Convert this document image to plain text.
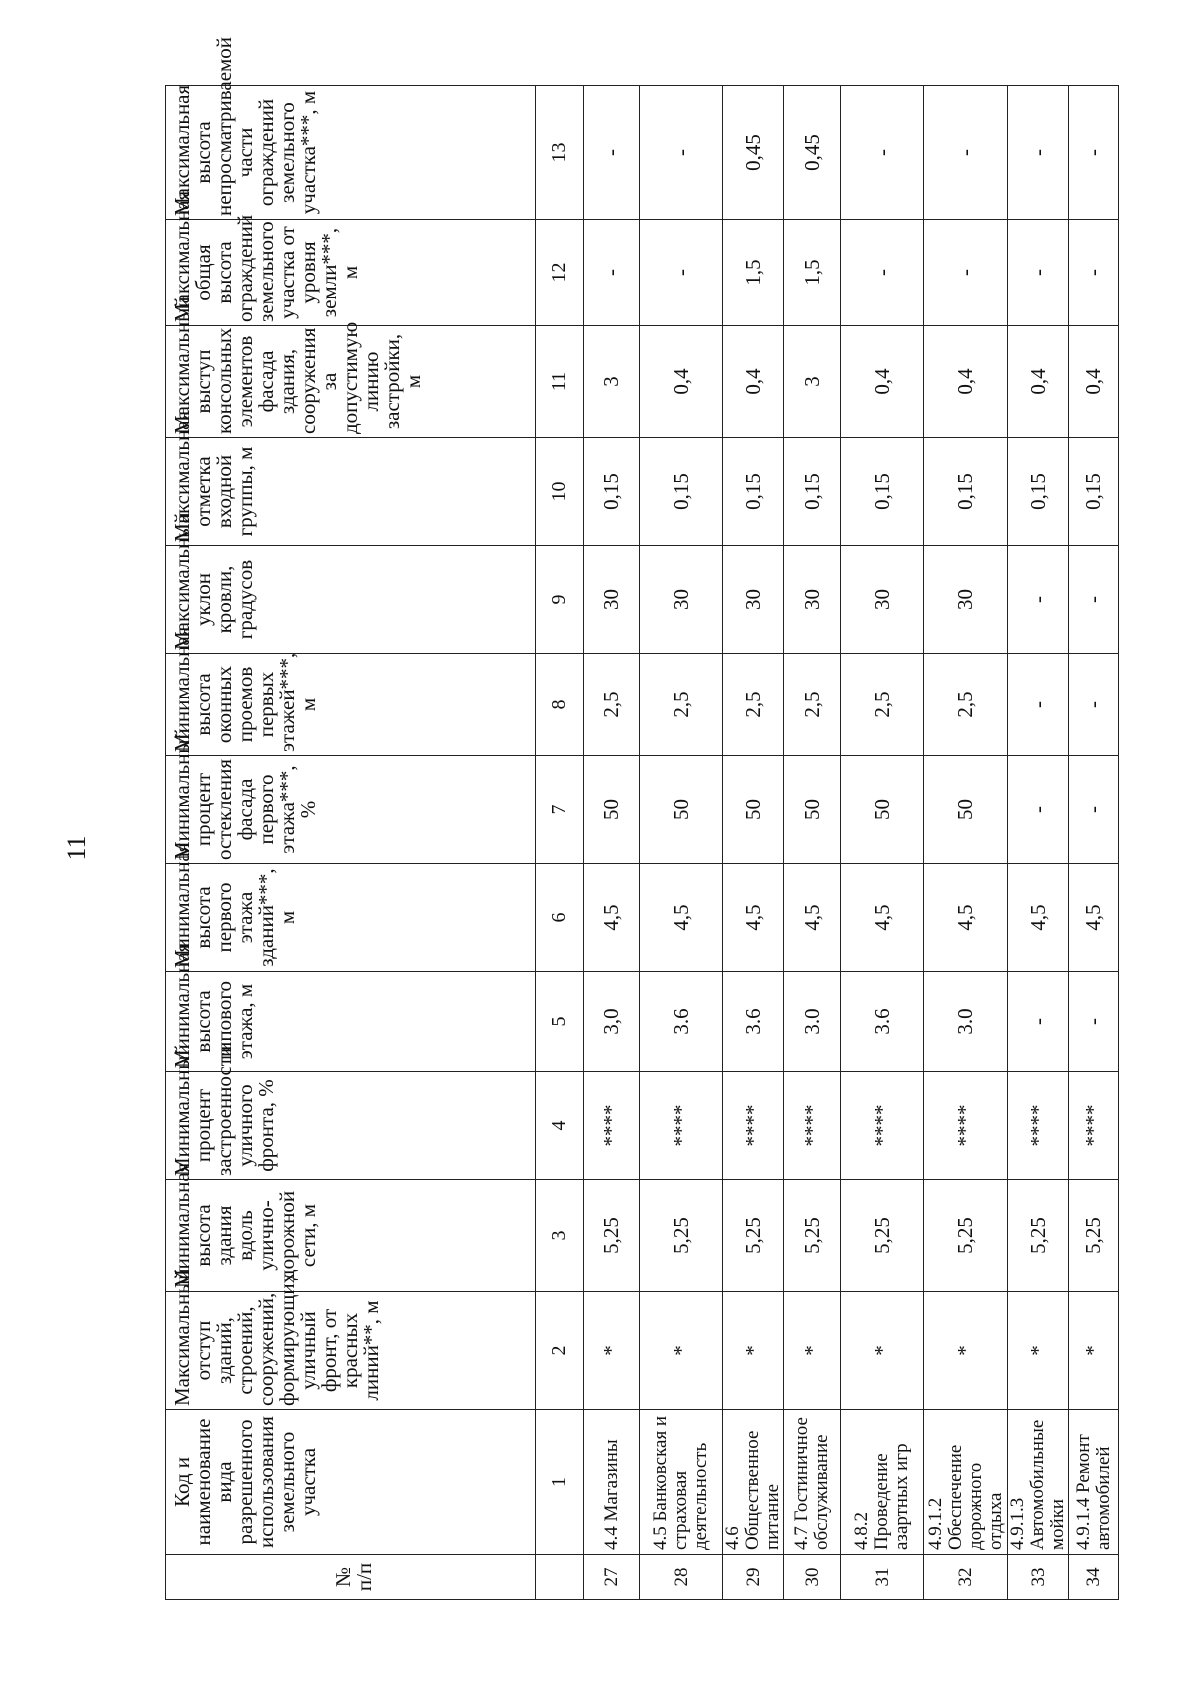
11
№ п/п	Код и наименование вида разрешенного использования земельного участка	Максимальный отступ зданий, строений, сооружений, формирующих уличный фронт, от красных линий**, м	Минимальная высота здания вдоль улично-дорожной сети, м	Минимальный процент застроенности уличного фронта, %	Минимальная высота типового этажа, м	Минимальная высота первого этажа зданий***, м	Минимальный процент остекления фасада первого этажа***, %	Минимальная высота оконных проемов первых этажей***, м	Максимальный уклон кровли, градусов	Максимальная отметка входной группы, м	Максимальный выступ консольных элементов фасада здания, сооружения за допустимую линию застройки, м	Максимальная общая высота ограждений земельного участка от уровня земли***, м	Максимальная высота непросматриваемой части ограждений земельного участка***, м
	1	2	3	4	5	6	7	8	9	10	11	12	13
27	4.4 Магазины	*	5,25	****	3,0	4,5	50	2,5	30	0,15	3	-	-
28	4.5 Банковская и страховая деятельность	*	5,25	****	3.6	4,5	50	2,5	30	0,15	0,4	-	-
29	4.6 Общественное питание	*	5,25	****	3.6	4,5	50	2,5	30	0,15	0,4	1,5	0,45
30	4.7 Гостиничное обслуживание	*	5,25	****	3.0	4,5	50	2,5	30	0,15	3	1,5	0,45
31	4.8.2 Проведение азартных игр	*	5,25	****	3.6	4,5	50	2,5	30	0,15	0,4	-	-
32	4.9.1.2 Обеспечение дорожного отдыха	*	5,25	****	3.0	4,5	50	2,5	30	0,15	0,4	-	-
33	4.9.1.3 Автомобильные мойки	*	5,25	****	-	4,5	-	-	-	0,15	0,4	-	-
34	4.9.1.4 Ремонт автомобилей	*	5,25	****	-	4,5	-	-	-	0,15	0,4	-	-
